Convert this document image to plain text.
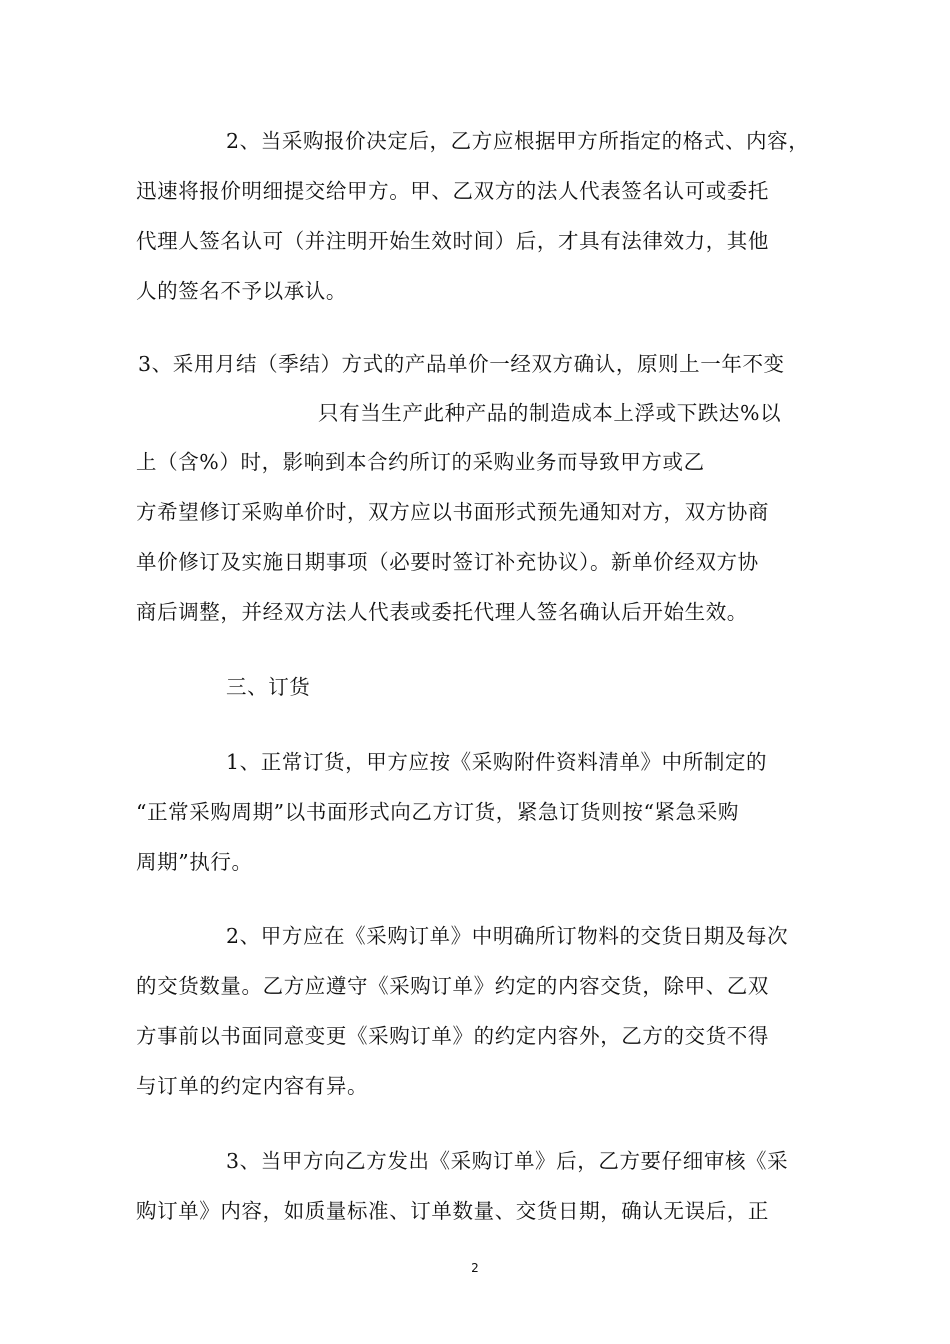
2、当采购报价决定后，乙方应根据甲方所指定的格式、内容，
迅速将报价明细提交给甲方。甲、乙双方的法人代表签名认可或委托
代理人签名认可（并注明开始生效时间）后，才具有法律效力，其他
人的签名不予以承认。
3、采用月结（季结）方式的产品单价一经双方确认，原则上一年不变
只有当生产此种产品的制造成本上浮或下跌达%以
上（含%）时，影响到本合约所订的采购业务而导致甲方或乙
方希望修订采购单价时，双方应以书面形式预先通知对方，双方协商
单价修订及实施日期事项（必要时签订补充协议）。新单价经双方协
商后调整，并经双方法人代表或委托代理人签名确认后开始生效。
三、订货
1、正常订货，甲方应按《采购附件资料清单》中所制定的
“正常采购周期”以书面形式向乙方订货，紧急订货则按“紧急采购
周期”执行。
2、甲方应在《采购订单》中明确所订物料的交货日期及每次
的交货数量。乙方应遵守《采购订单》约定的内容交货，除甲、乙双
方事前以书面同意变更《采购订单》的约定内容外，乙方的交货不得
与订单的约定内容有异。
3、当甲方向乙方发出《采购订单》后，乙方要仔细审核《采
购订单》内容，如质量标准、订单数量、交货日期，确认无误后，正
2
